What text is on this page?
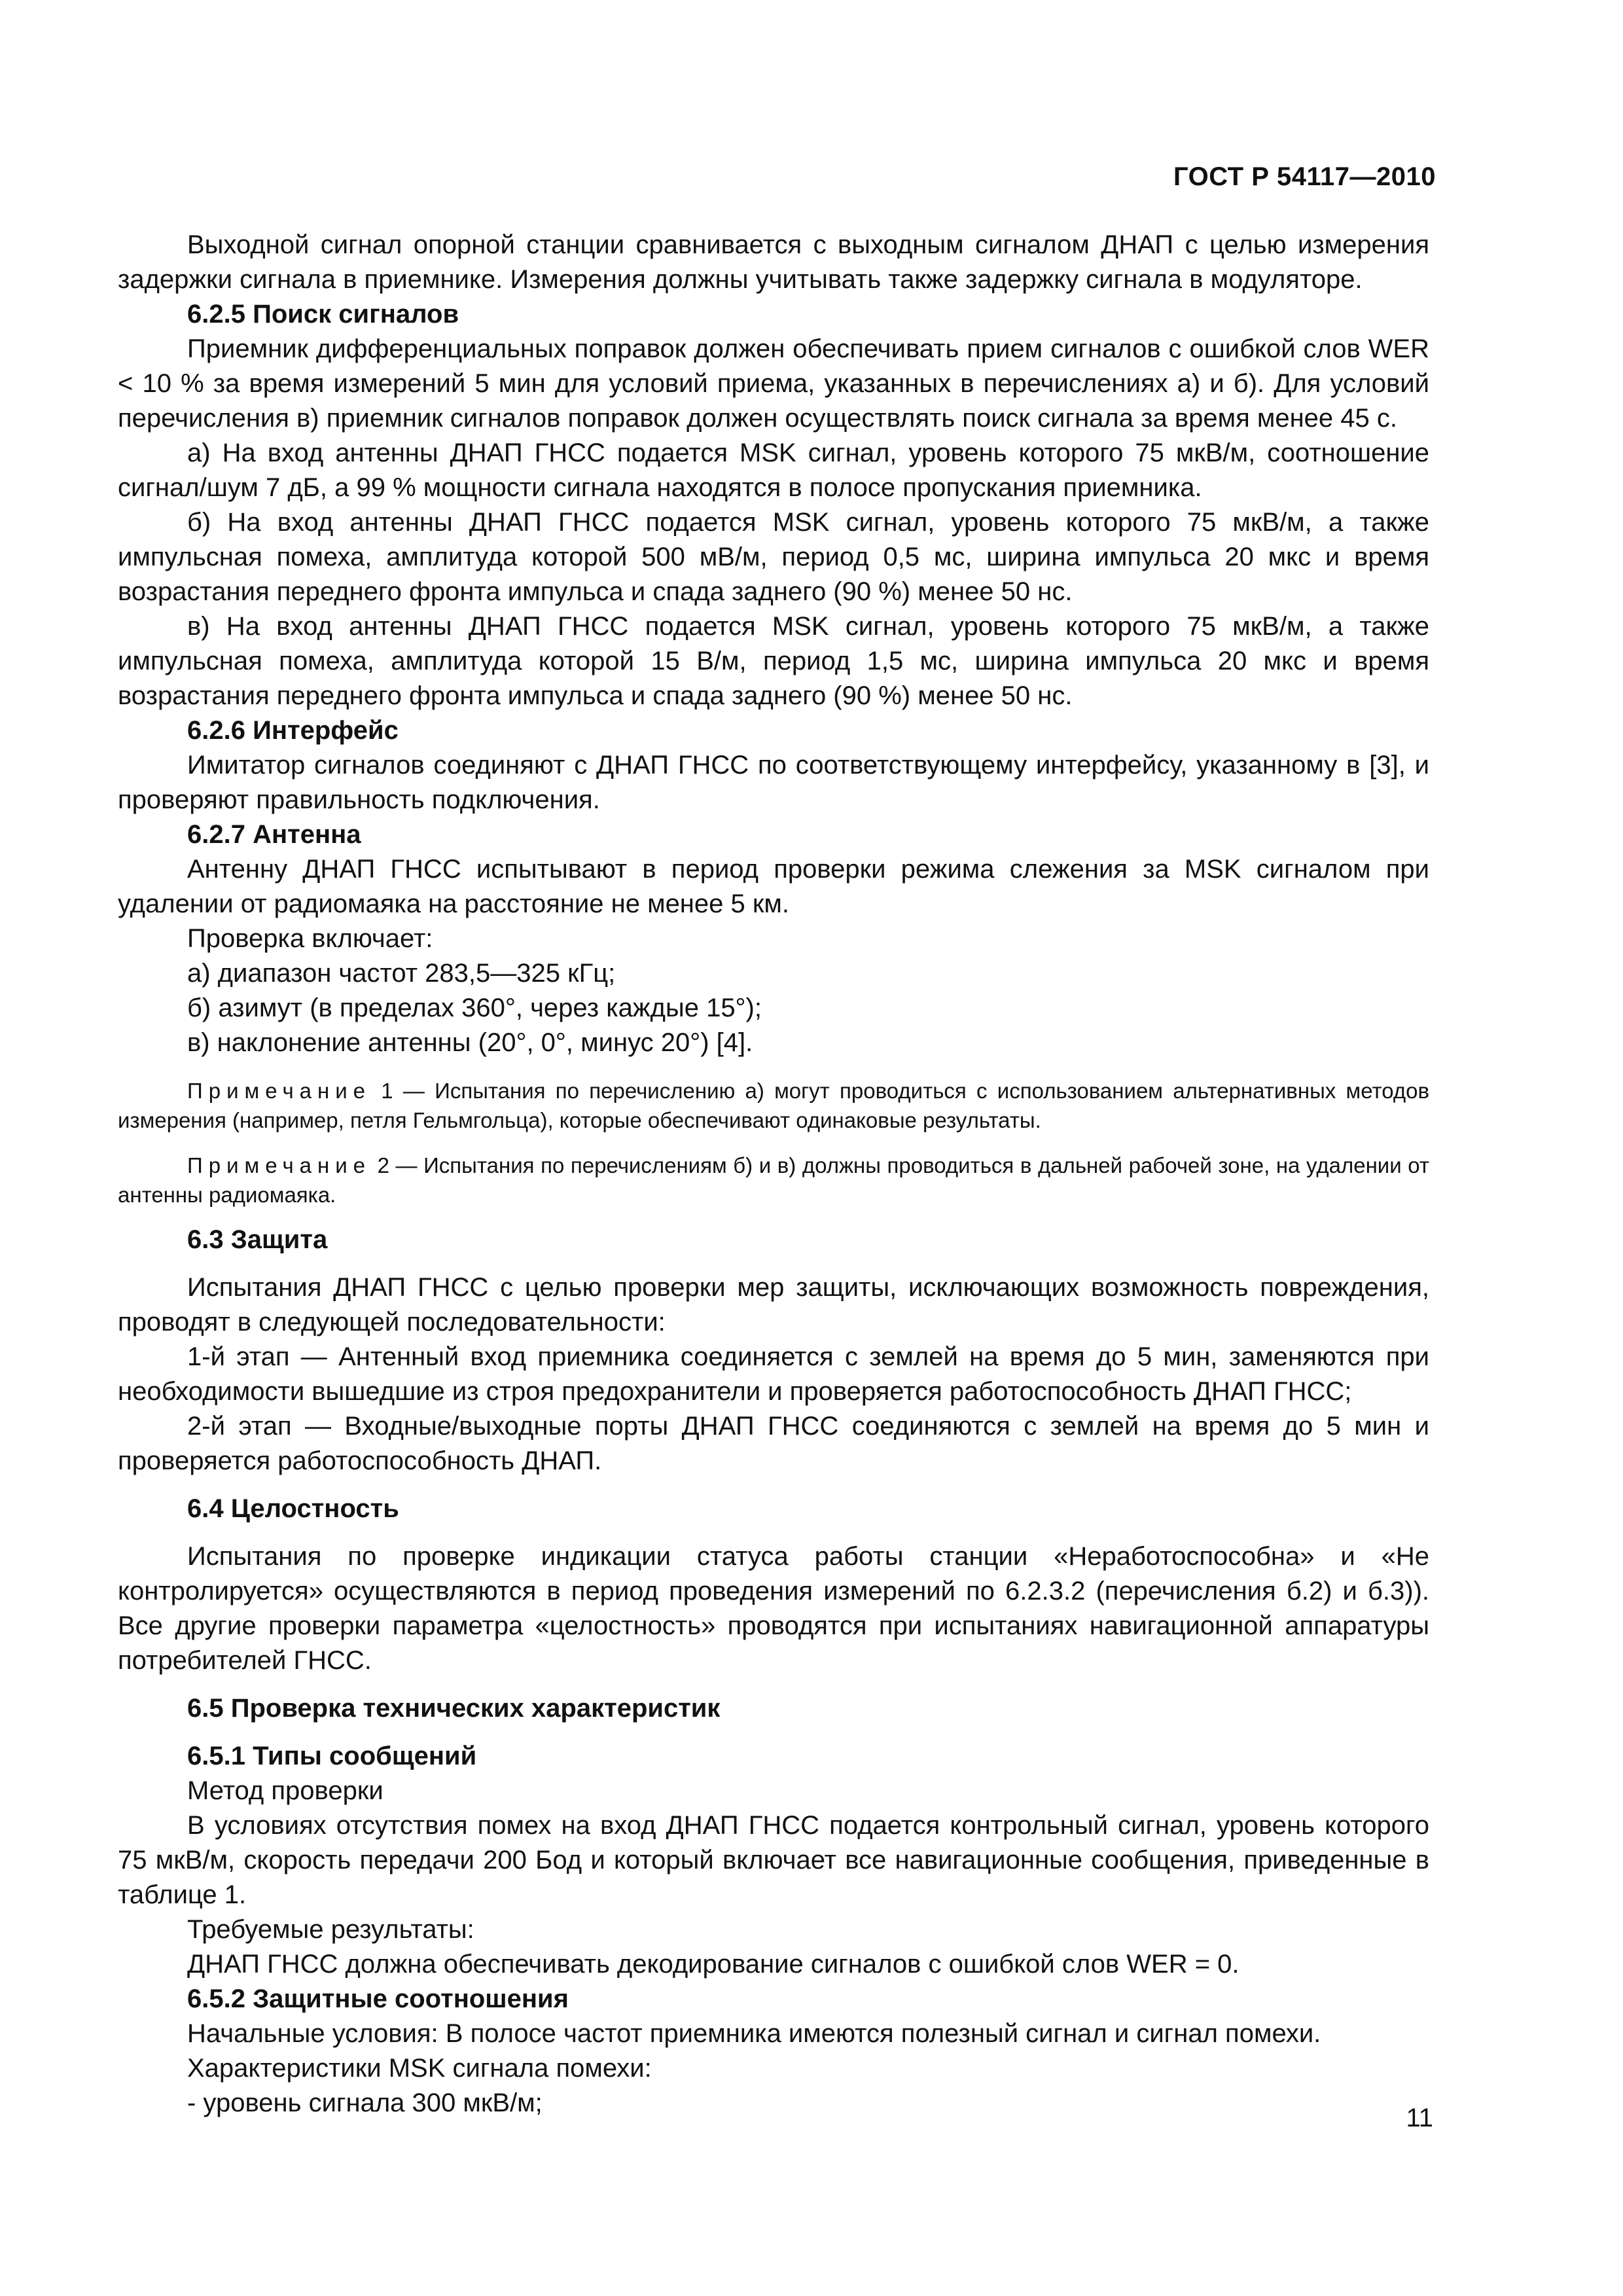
ГОСТ Р 54117—2010

Выходной сигнал опорной станции сравнивается с выходным сигналом ДНАП с целью измерения задержки сигнала в приемнике. Измерения должны учитывать также задержку сигнала в модуляторе.

6.2.5 Поиск сигналов

Приемник дифференциальных поправок должен обеспечивать прием сигналов с ошибкой слов WER < 10 % за время измерений 5 мин для условий приема, указанных в перечислениях а) и б). Для условий перечисления в) приемник сигналов поправок должен осуществлять поиск сигнала за время менее 45 с.

а) На вход антенны ДНАП ГНСС подается MSK сигнал, уровень которого 75 мкВ/м, соотношение сигнал/шум 7 дБ, а 99 % мощности сигнала находятся в полосе пропускания приемника.

б) На вход антенны ДНАП ГНСС подается MSK сигнал, уровень которого 75 мкВ/м, а также импульсная помеха, амплитуда которой 500 мВ/м, период 0,5 мс, ширина импульса 20 мкс и время возрастания переднего фронта импульса и спада заднего (90 %) менее 50 нс.

в) На вход антенны ДНАП ГНСС подается MSK сигнал, уровень которого 75 мкВ/м, а также импульсная помеха, амплитуда которой 15 В/м, период 1,5 мс, ширина импульса 20 мкс и время возрастания переднего фронта импульса и спада заднего (90 %) менее 50 нс.

6.2.6 Интерфейс

Имитатор сигналов соединяют с ДНАП ГНСС по соответствующему интерфейсу, указанному в [3], и проверяют правильность подключения.

6.2.7 Антенна

Антенну ДНАП ГНСС испытывают в период проверки режима слежения за MSK сигналом при удалении от радиомаяка на расстояние не менее 5 км.

Проверка включает:

а) диапазон частот 283,5—325 кГц;

б) азимут (в пределах 360°, через каждые 15°);

в) наклонение антенны (20°, 0°, минус 20°) [4].

Примечание 1 — Испытания по перечислению а) могут проводиться с использованием альтернативных методов измерения (например, петля Гельмгольца), которые обеспечивают одинаковые результаты.

Примечание 2 — Испытания по перечислениям б) и в) должны проводиться в дальней рабочей зоне, на удалении от антенны радиомаяка.

6.3 Защита

Испытания ДНАП ГНСС с целью проверки мер защиты, исключающих возможность повреждения, проводят в следующей последовательности:

1-й этап — Антенный вход приемника соединяется с землей на время до 5 мин, заменяются при необходимости вышедшие из строя предохранители и проверяется работоспособность ДНАП ГНСС;

2-й этап — Входные/выходные порты ДНАП ГНСС соединяются с землей на время до 5 мин и проверяется работоспособность ДНАП.

6.4 Целостность

Испытания по проверке индикации статуса работы станции «Неработоспособна» и «Не контролируется» осуществляются в период проведения измерений по 6.2.3.2 (перечисления б.2) и б.3)). Все другие проверки параметра «целостность» проводятся при испытаниях навигационной аппаратуры потребителей ГНСС.

6.5 Проверка технических характеристик

6.5.1 Типы сообщений

Метод проверки

В условиях отсутствия помех на вход ДНАП ГНСС подается контрольный сигнал, уровень которого 75 мкВ/м, скорость передачи 200 Бод и который включает все навигационные сообщения, приведенные в таблице 1.

Требуемые результаты:

ДНАП ГНСС должна обеспечивать декодирование сигналов с ошибкой слов WER = 0.

6.5.2 Защитные соотношения

Начальные условия: В полосе частот приемника имеются полезный сигнал и сигнал помехи.

Характеристики MSK сигнала помехи:

- уровень сигнала 300 мкВ/м;

11
